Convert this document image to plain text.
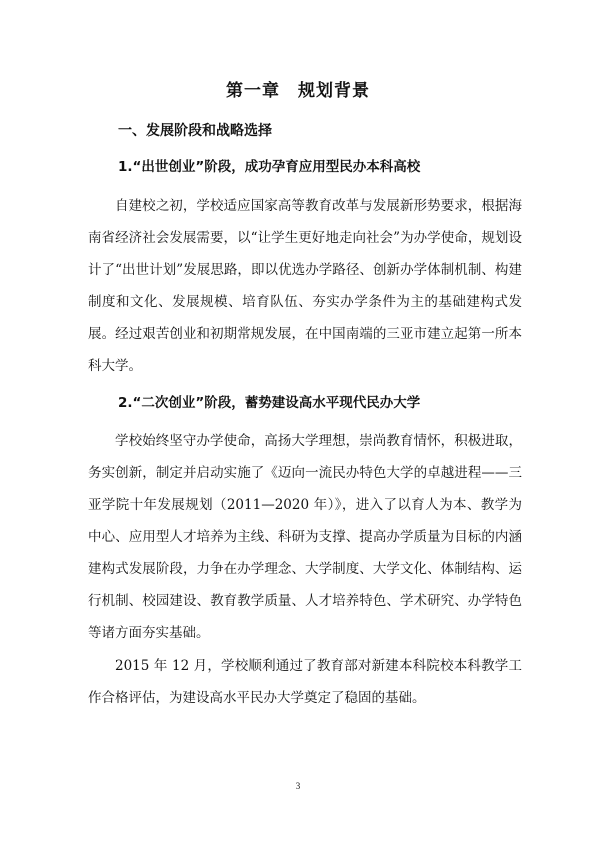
第一章　规划背景
一、发展阶段和战略选择
1.“出世创业”阶段，成功孕育应用型民办本科高校

自建校之初，学校适应国家高等教育改革与发展新形势要求，根据海南省经济社会发展需要，以“让学生更好地走向社会”为办学使命，规划设计了“出世计划”发展思路，即以优选办学路径、创新办学体制机制、构建制度和文化、发展规模、培育队伍、夯实办学条件为主的基础建构式发展。经过艰苦创业和初期常规发展，在中国南端的三亚市建立起第一所本科大学。

2.“二次创业”阶段，蓄势建设高水平现代民办大学

学校始终坚守办学使命，高扬大学理想，崇尚教育情怀，积极进取，务实创新，制定并启动实施了《迈向一流民办特色大学的卓越进程——三亚学院十年发展规划（2011—2020 年）》，进入了以育人为本、教学为中心、应用型人才培养为主线、科研为支撑、提高办学质量为目标的内涵建构式发展阶段，力争在办学理念、大学制度、大学文化、体制结构、运行机制、校园建设、教育教学质量、人才培养特色、学术研究、办学特色等诸方面夯实基础。

2015 年 12 月，学校顺利通过了教育部对新建本科院校本科教学工作合格评估，为建设高水平民办大学奠定了稳固的基础。

3
